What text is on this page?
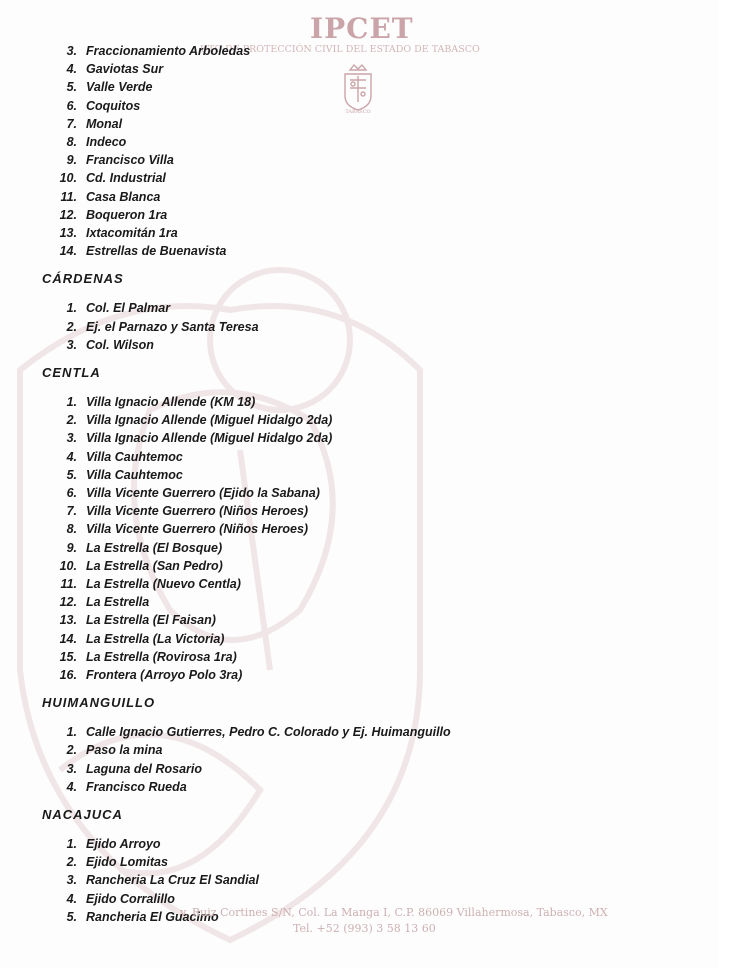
IPCET
UTO DE PROTECCIÓN CIVIL DEL ESTADO DE TABASCO
TABASCO
3. Fraccionamiento Arboledas
4. Gaviotas Sur
5. Valle Verde
6. Coquitos
7. Monal
8. Indeco
9. Francisco Villa
10. Cd. Industrial
11. Casa Blanca
12. Boqueron 1ra
13. Ixtacomitán 1ra
14. Estrellas de Buenavista
CÁRDENAS
1. Col. El Palmar
2. Ej. el Parnazo y Santa Teresa
3. Col. Wilson
CENTLA
1. Villa Ignacio Allende (KM 18)
2. Villa Ignacio Allende (Miguel Hidalgo 2da)
3. Villa Ignacio Allende (Miguel Hidalgo 2da)
4. Villa Cauhtemoc
5. Villa Cauhtemoc
6. Villa Vicente Guerrero (Ejido la Sabana)
7. Villa Vicente Guerrero (Niños Heroes)
8. Villa Vicente Guerrero (Niños Heroes)
9. La Estrella (El Bosque)
10. La Estrella (San Pedro)
11. La Estrella (Nuevo Centla)
12. La Estrella
13. La Estrella (El Faisan)
14. La Estrella (La Victoria)
15. La Estrella (Rovirosa 1ra)
16. Frontera (Arroyo Polo 3ra)
HUIMANGUILLO
1. Calle Ignacio Gutierres, Pedro C. Colorado y Ej. Huimanguillo
2. Paso la mina
3. Laguna del Rosario
4. Francisco Rueda
NACAJUCA
1. Ejido Arroyo
2. Ejido Lomitas
3. Rancheria La Cruz El Sandial
4. Ejido Corralillo
5. Rancheria El Guacimo
v. Ruiz Cortines S/N, Col. La Manga I, C.P. 86069 Villahermosa, Tabasco, MX
Tel. +52 (993) 3 58 13 60
